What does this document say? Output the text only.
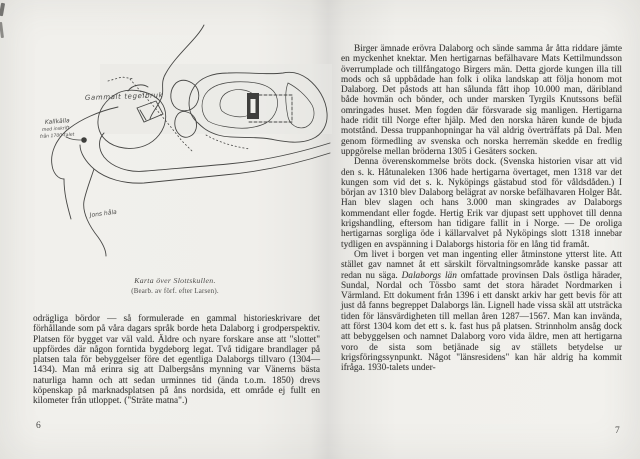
Gammalt tegelbruk
Kallkälla
med inskrift
från 1700-talet
Jons håla
Karta över Slottskullen.
(Bearb. av förf. efter Larsen).
odrägliga bördor — så formulerade en gammal historieskrivare det förhållande som på våra dagars språk borde heta Dalaborg i grodperspektiv. Platsen för bygget var väl vald. Äldre och nyare forskare anse att "slottet" uppfördes där någon forntida bygdeborg legat. Två tidigare brandlager på platsen tala för bebyggelser före det egentliga Dalaborgs tillvaro (1304—1434). Man må erinra sig att Dalbergsåns mynning var Vänerns bästa naturliga hamn och att sedan urminnes tid (ända t.o.m. 1850) drevs köpenskap på marknadsplatsen på åns nordsida, ett område ej fullt en kilometer från utloppet. ("Sträte matna".)
6

Birger ämnade erövra Dalaborg och sände samma år åtta riddare jämte en myckenhet knektar. Men hertigarnas befälhavare Mats Kettilmundsson överrumplade och tillfångatogo Birgers män. Detta gjorde kungen illa till mods och så uppbådade han folk i olika landskap att följa honom mot Dalaborg. Det påstods att han sålunda fått ihop 10.000 man, däribland både hovmän och bönder, och under marsken Tyrgils Knutssons befäl omringades huset. Men fogden där försvarade sig manligen. Hertigarna hade ridit till Norge efter hjälp. Med den norska hären kunde de bjuda motstånd. Dessa truppanhopningar ha väl aldrig överträffats på Dal. Men genom förmedling av svenska och norska herremän skedde en fredlig uppgörelse mellan bröderna 1305 i Gesäters socken.

Denna överenskommelse bröts dock. (Svenska historien visar att vid den s. k. Håtunaleken 1306 hade hertigarna övertaget, men 1318 var det kungen som vid det s. k. Nyköpings gästabud stod för våldsdåden.) I början av 1310 blev Dalaborg belägrat av norske befälhavaren Holger Båt. Han blev slagen och hans 3.000 man skingrades av Dalaborgs kommendant eller fogde. Hertig Erik var djupast sett upphovet till denna krigshandling, eftersom han tidigare fallit in i Norge. — De oroliga hertigarnas sorgliga öde i källarvalvet på Nyköpings slott 1318 innebar tydligen en avspänning i Dalaborgs historia för en lång tid framåt.

Om livet i borgen vet man ingenting eller åtminstone ytterst lite. Att stället gav namnet åt ett särskilt förvaltningsområde kanske passar att redan nu säga. Dalaborgs län omfattade provinsen Dals östliga härader, Sundal, Nordal och Tössbo samt det stora häradet Nordmarken i Värmland. Ett dokument från 1396 i ett danskt arkiv har gett bevis för att just då fanns begreppet Dalaborgs län. Lignell hade vissa skäl att utsträcka tiden för länsvärdigheten till mellan åren 1287—1567. Man kan invända, att först 1304 kom det ett s. k. fast hus på platsen. Strinnholm ansåg dock att bebyggelsen och namnet Dalaborg voro vida äldre, men att hertigarna voro de sista som betjänade sig av ställets betydelse ur krigsföringssynpunkt. Något "länsresidens" kan här aldrig ha kommit ifråga. 1930-talets under-

7
